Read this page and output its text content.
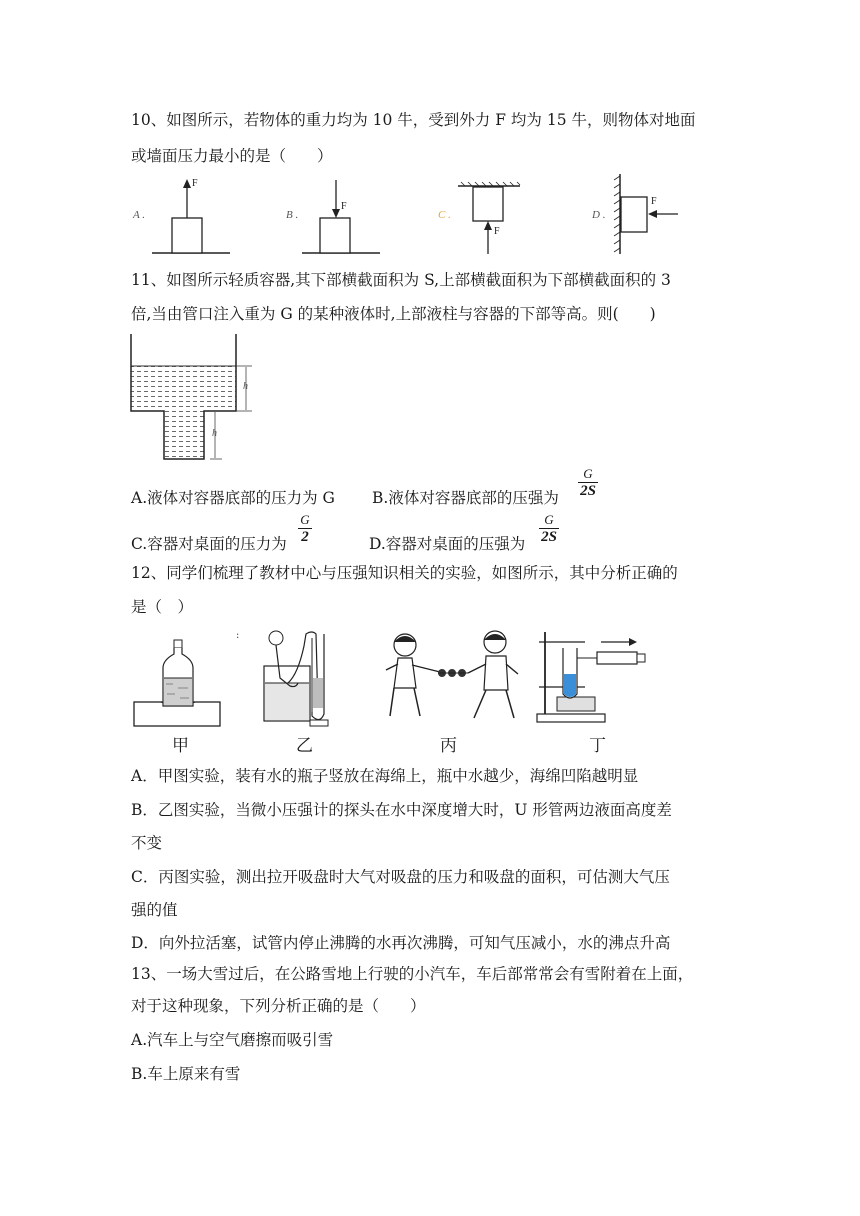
10、如图所示，若物体的重力均为 10 牛，受到外力 F 均为 15 牛，则物体对地面
或墙面压力最小的是（　　）
A .
F
B .
F
C .
F
D .
F
11、如图所示轻质容器,其下部横截面积为 S,上部横截面积为下部横截面积的 3
倍,当由管口注入重为 G 的某种液体时,上部液柱与容器的下部等高。则(　　)
h
h
A.液体对容器底部的压力为 G B.液体对容器底部的压强为 $\frac{G}{2S}$
C.容器对桌面的压力为 $\frac{G}{2}$	D.容器对桌面的压强为 $\frac{G}{2S}$
12、同学们梳理了教材中心与压强知识相关的实验，如图所示，其中分析正确的
是（　）
:
甲	乙	丙	丁
A．甲图实验，装有水的瓶子竖放在海绵上，瓶中水越少，海绵凹陷越明显
B．乙图实验，当微小压强计的探头在水中深度增大时，U 形管两边液面高度差
不变
C．丙图实验，测出拉开吸盘时大气对吸盘的压力和吸盘的面积，可估测大气压
强的值
D．向外拉活塞，试管内停止沸腾的水再次沸腾，可知气压减小，水的沸点升高
13、一场大雪过后，在公路雪地上行驶的小汽车，车后部常常会有雪附着在上面，
对于这种现象，下列分析正确的是（　　）
A.汽车上与空气磨擦而吸引雪
B.车上原来有雪
